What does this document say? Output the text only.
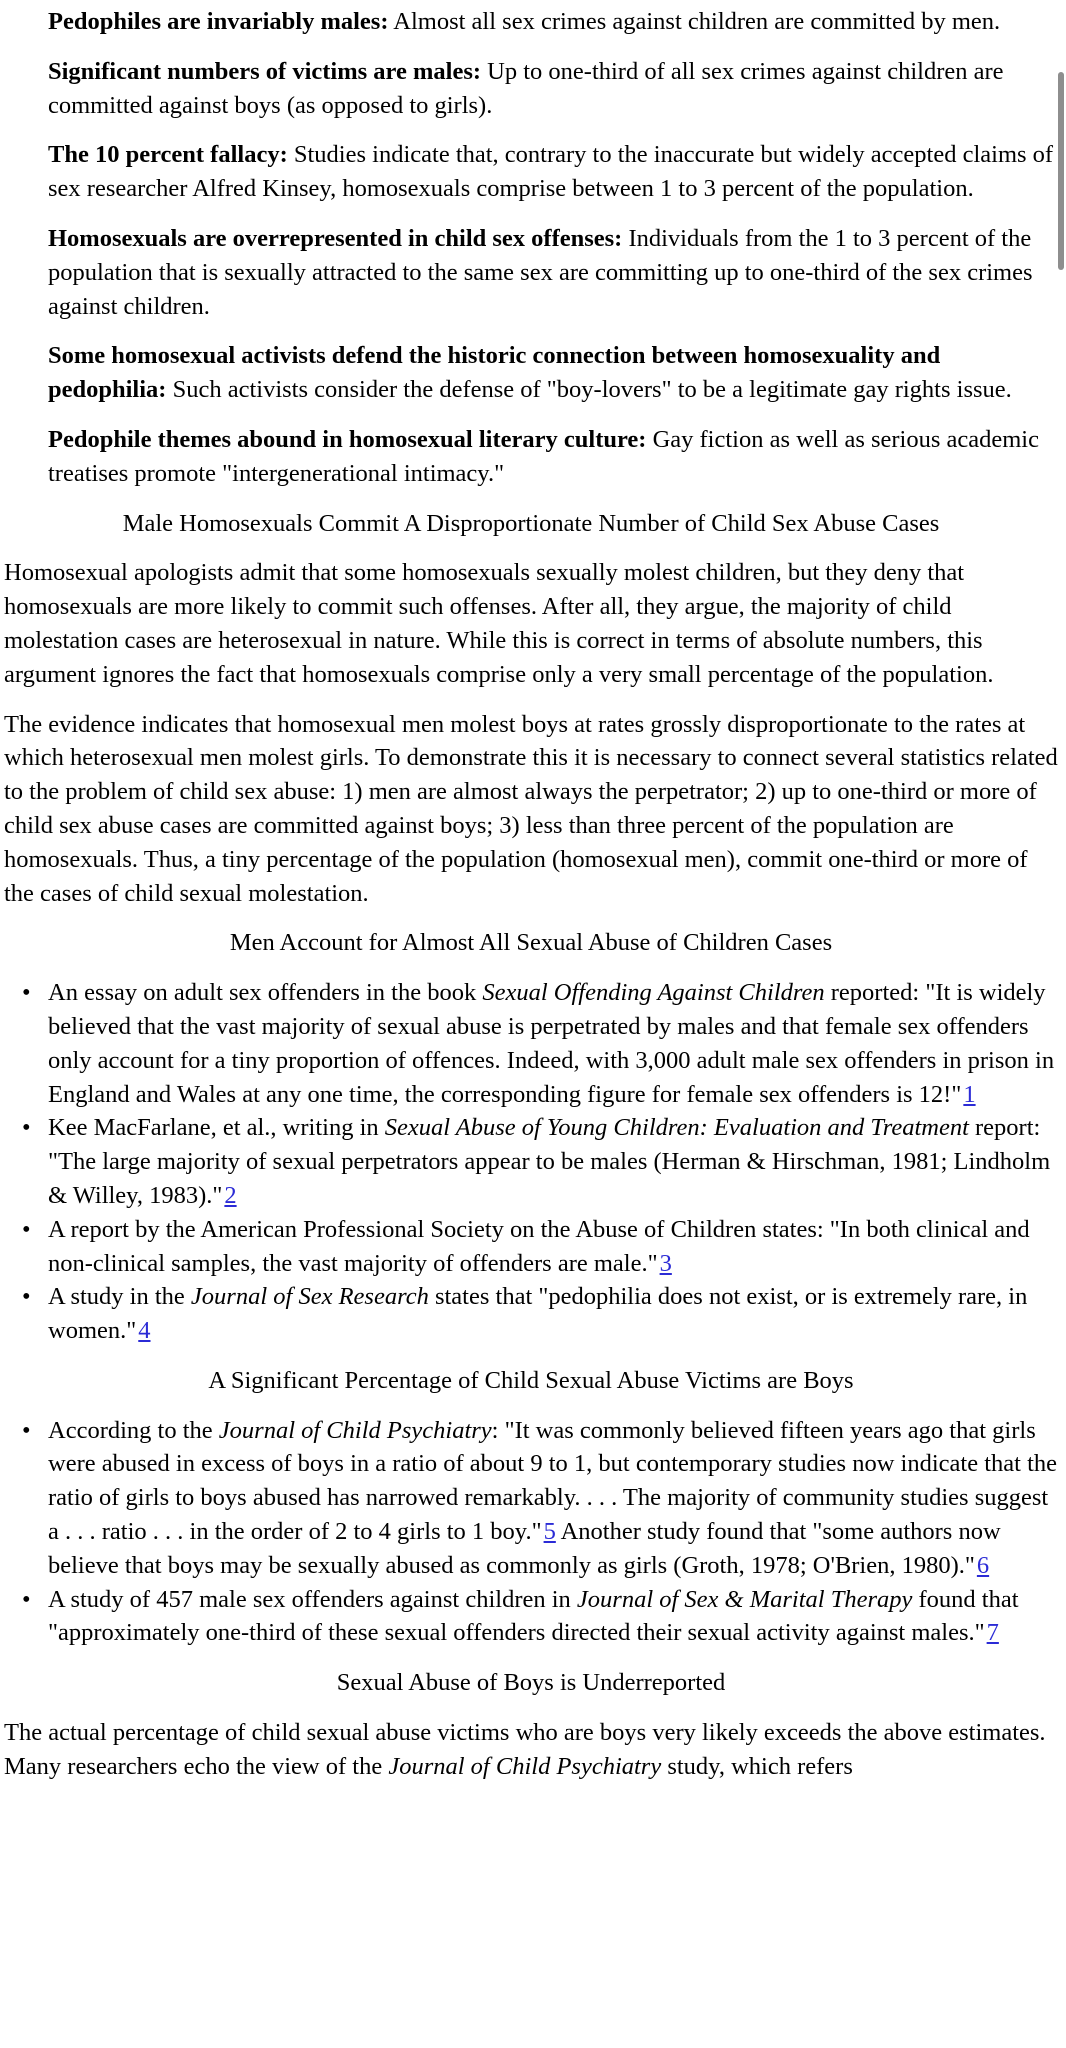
Pedophiles are invariably males: Almost all sex crimes against children are committed by men.

Significant numbers of victims are males: Up to one-third of all sex crimes against children are committed against boys (as opposed to girls).

The 10 percent fallacy: Studies indicate that, contrary to the inaccurate but widely accepted claims of sex researcher Alfred Kinsey, homosexuals comprise between 1 to 3 percent of the population.

Homosexuals are overrepresented in child sex offenses: Individuals from the 1 to 3 percent of the population that is sexually attracted to the same sex are committing up to one-third of the sex crimes against children.

Some homosexual activists defend the historic connection between homosexuality and pedophilia: Such activists consider the defense of "boy-lovers" to be a legitimate gay rights issue.

Pedophile themes abound in homosexual literary culture: Gay fiction as well as serious academic treatises promote "intergenerational intimacy."

Male Homosexuals Commit A Disproportionate Number of Child Sex Abuse Cases

Homosexual apologists admit that some homosexuals sexually molest children, but they deny that homosexuals are more likely to commit such offenses. After all, they argue, the majority of child molestation cases are heterosexual in nature. While this is correct in terms of absolute numbers, this argument ignores the fact that homosexuals comprise only a very small percentage of the population.

The evidence indicates that homosexual men molest boys at rates grossly disproportionate to the rates at which heterosexual men molest girls. To demonstrate this it is necessary to connect several statistics related to the problem of child sex abuse: 1) men are almost always the perpetrator; 2) up to one-third or more of child sex abuse cases are committed against boys; 3) less than three percent of the population are homosexuals. Thus, a tiny percentage of the population (homosexual men), commit one-third or more of the cases of child sexual molestation.

Men Account for Almost All Sexual Abuse of Children Cases

• An essay on adult sex offenders in the book Sexual Offending Against Children reported: "It is widely believed that the vast majority of sexual abuse is perpetrated by males and that female sex offenders only account for a tiny proportion of offences. Indeed, with 3,000 adult male sex offenders in prison in England and Wales at any one time, the corresponding figure for female sex offenders is 12!"1
• Kee MacFarlane, et al., writing in Sexual Abuse of Young Children: Evaluation and Treatment report: "The large majority of sexual perpetrators appear to be males (Herman & Hirschman, 1981; Lindholm & Willey, 1983)."2
• A report by the American Professional Society on the Abuse of Children states: "In both clinical and non-clinical samples, the vast majority of offenders are male."3
• A study in the Journal of Sex Research states that "pedophilia does not exist, or is extremely rare, in women."4

A Significant Percentage of Child Sexual Abuse Victims are Boys

• According to the Journal of Child Psychiatry: "It was commonly believed fifteen years ago that girls were abused in excess of boys in a ratio of about 9 to 1, but contemporary studies now indicate that the ratio of girls to boys abused has narrowed remarkably. . . . The majority of community studies suggest a . . . ratio . . . in the order of 2 to 4 girls to 1 boy."5 Another study found that "some authors now believe that boys may be sexually abused as commonly as girls (Groth, 1978; O'Brien, 1980)."6
• A study of 457 male sex offenders against children in Journal of Sex & Marital Therapy found that "approximately one-third of these sexual offenders directed their sexual activity against males."7

Sexual Abuse of Boys is Underreported

The actual percentage of child sexual abuse victims who are boys very likely exceeds the above estimates. Many researchers echo the view of the Journal of Child Psychiatry study, which refers
